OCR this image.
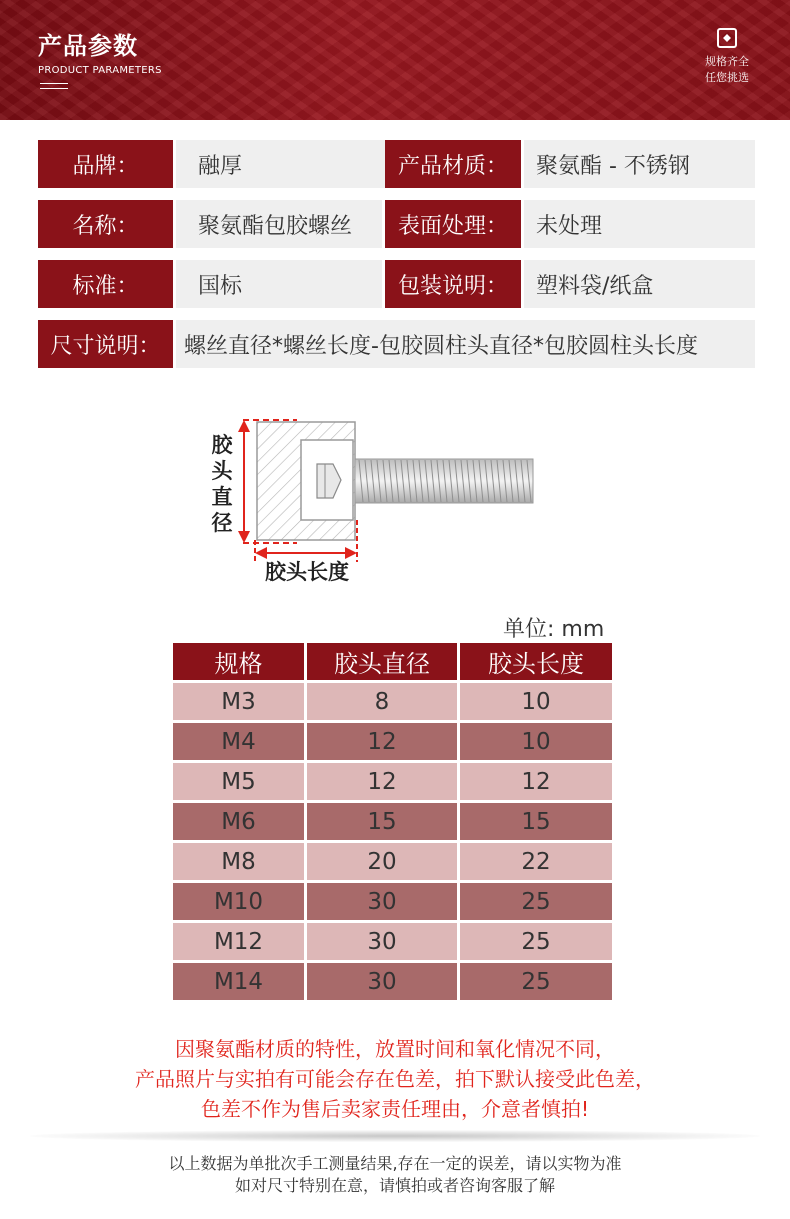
产品参数
PRODUCT PARAMETERS
规格齐全
任您挑选
品牌：	融厚	产品材质：	聚氨酯 - 不锈钢
名称：	聚氨酯包胶螺丝	表面处理：	未处理
标准：	国标	包装说明：	塑料袋/纸盒
尺寸说明：	螺丝直径*螺丝长度-包胶圆柱头直径*包胶圆柱头长度
胶头直径
胶头长度
单位: mm
规格	胶头直径	胶头长度
M3	8	10
M4	12	10
M5	12	12
M6	15	15
M8	20	22
M10	30	25
M12	30	25
M14	30	25
因聚氨酯材质的特性，放置时间和氧化情况不同，
产品照片与实拍有可能会存在色差，拍下默认接受此色差，
色差不作为售后卖家责任理由，介意者慎拍!
以上数据为单批次手工测量结果,存在一定的误差，请以实物为准
如对尺寸特别在意，请慎拍或者咨询客服了解
